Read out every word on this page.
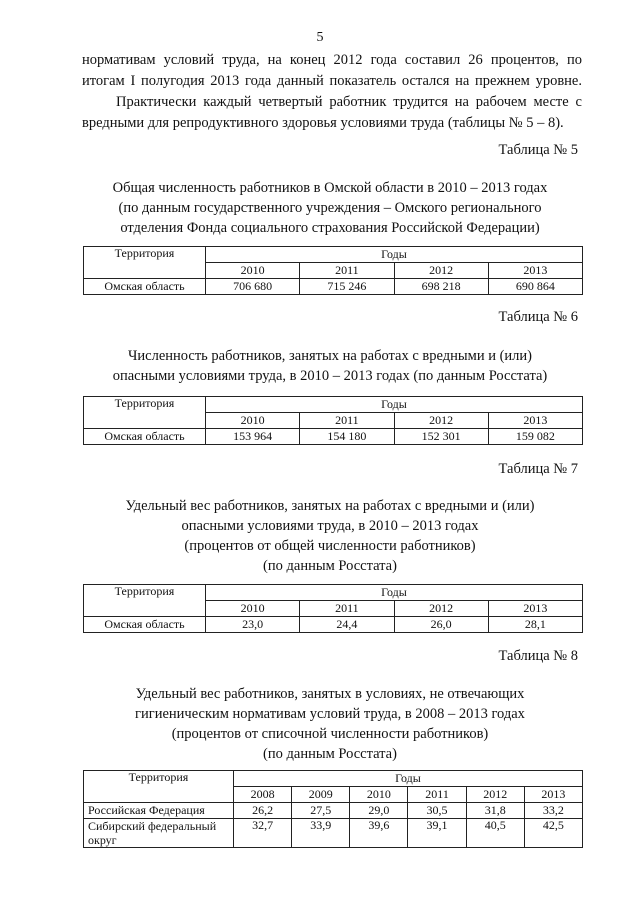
5

нормативам условий труда, на конец 2012 года составил 26 процентов, по

итогам I полугодия 2013 года данный показатель остался на прежнем уровне.

Практически каждый четвертый работник трудится на рабочем месте с

вредными для репродуктивного здоровья условиями труда (таблицы № 5 – 8).

Таблица № 5
Общая численность работников в Омской области в 2010 – 2013 годах
(по данным государственного учреждения – Омского регионального
отделения Фонда социального страхования Российской Федерации)
Территория	Годы			
	2010	2011	2012	2013
Омская область	706 680	715 246	698 218	690 864
Таблица № 6
Численность работников, занятых на работах с вредными и (или)
опасными условиями труда, в 2010 – 2013 годах (по данным Росстата)
Территория	Годы			
	2010	2011	2012	2013
Омская область	153 964	154 180	152 301	159 082
Таблица № 7
Удельный вес работников, занятых на работах с вредными и (или)
опасными условиями труда, в 2010 – 2013 годах
(процентов от общей численности работников)
(по данным Росстата)
Территория	Годы			
	2010	2011	2012	2013
Омская область	23,0	24,4	26,0	28,1
Таблица № 8
Удельный вес работников, занятых в условиях, не отвечающих
гигиеническим нормативам условий труда, в 2008 – 2013 годах
(процентов от списочной численности работников)
(по данным Росстата)
Территория	Годы					
	2008	2009	2010	2011	2012	2013
Российская Федерация	26,2	27,5	29,0	30,5	31,8	33,2
Сибирский федеральный округ	32,7	33,9	39,6	39,1	40,5	42,5
